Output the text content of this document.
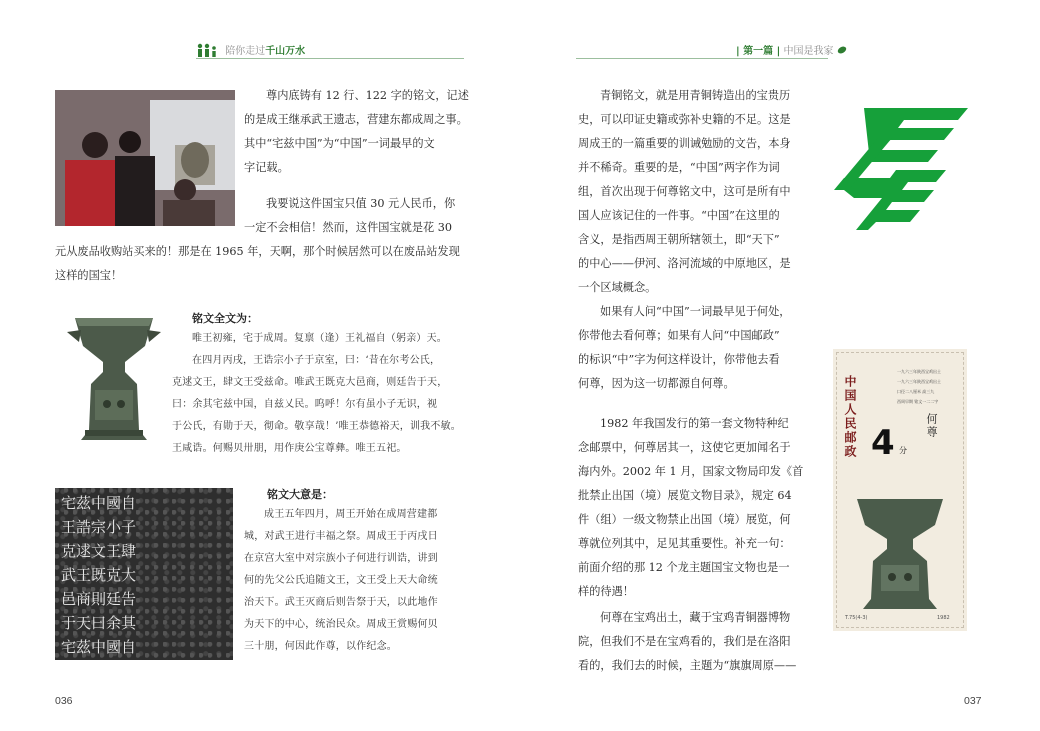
陪你走过千山万水	| 第一篇 | 中国是我家
尊内底铸有 12 行、122 字的铭文，记述
的是成王继承武王遗志，营建东都成周之事。
其中“宅兹中国”为“中国”一词最早的文
字记载。
我要说这件国宝只值 30 元人民币，你
一定不会相信！然而，这件国宝就是花 30
元从废品收购站买来的！那是在 1965 年，天啊，那个时候居然可以在废品站发现
这样的国宝！
铭文全文为：
唯王初雍，宅于成周。复禀（逢）王礼福自（躬亲）天。
在四月丙戌，王诰宗小子于京室，曰：‘昔在尔考公氏，
克逑文王，肆文王受兹命。唯武王既克大邑商，则廷告于天，
曰：余其宅兹中国，自兹乂民。呜呼！尔有虽小子无识，视
于公氏，有勋于天，彻命。敬享哉！’唯王恭德裕天，训我不敏。
王咸诰。何赐贝卅朋，用作庚公宝尊彝。唯王五祀。
宅茲中國自
王誥宗小子
克逑文王肆
武王既克大
邑商則廷告
于天曰余其
宅茲中國自
铭文大意是：
成王五年四月，周王开始在成周营建都
城，对武王进行丰福之祭。周成王于丙戌日
在京宫大室中对宗族小子何进行训诰，讲到
何的先父公氏追随文王，文王受上天大命统
治天下。武王灭商后则告祭于天，以此地作
为天下的中心，统治民众。周成王赏赐何贝
三十朋，何因此作尊，以作纪念。
036
青铜铭文，就是用青铜铸造出的宝贵历
史，可以印证史籍或弥补史籍的不足。这是
周成王的一篇重要的训诫勉励的文告，本身
并不稀奇。重要的是，“中国”两字作为词
组，首次出现于何尊铭文中，这可是所有中
国人应该记住的一件事。“中国”在这里的
含义，是指西周王朝所辖领土，即“天下”
的中心——伊河、洛河流域的中原地区，是
一个区域概念。
如果有人问“中国”一词最早见于何处，
你带他去看何尊；如果有人问“中国邮政”
的标识“中”字为何这样设计，你带他去看
何尊，因为这一切都源自何尊。
1982 年我国发行的第一套文物特种纪
念邮票中，何尊居其一，这使它更加闻名于
海内外。2002 年 1 月，国家文物局印发《首
批禁止出国（境）展览文物目录》，规定 64
件（组）一级文物禁止出国（境）展览，何
尊就位列其中，足见其重要性。补充一句：
前面介绍的那 12 个龙主题国宝文物也是一
样的待遇！
何尊在宝鸡出土，藏于宝鸡青铜器博物
院，但我们不是在宝鸡看的，我们是在洛阳
看的，我们去的时候，主题为“旗旗周原——
一九六三年陕西宝鸡出土
一九六三年陕西宝鸡出土
口径二八厘米 高三九
西周早期 铭文一二二字
中国人民邮政	何尊
4 分
T.75(4-3)	1982
037
